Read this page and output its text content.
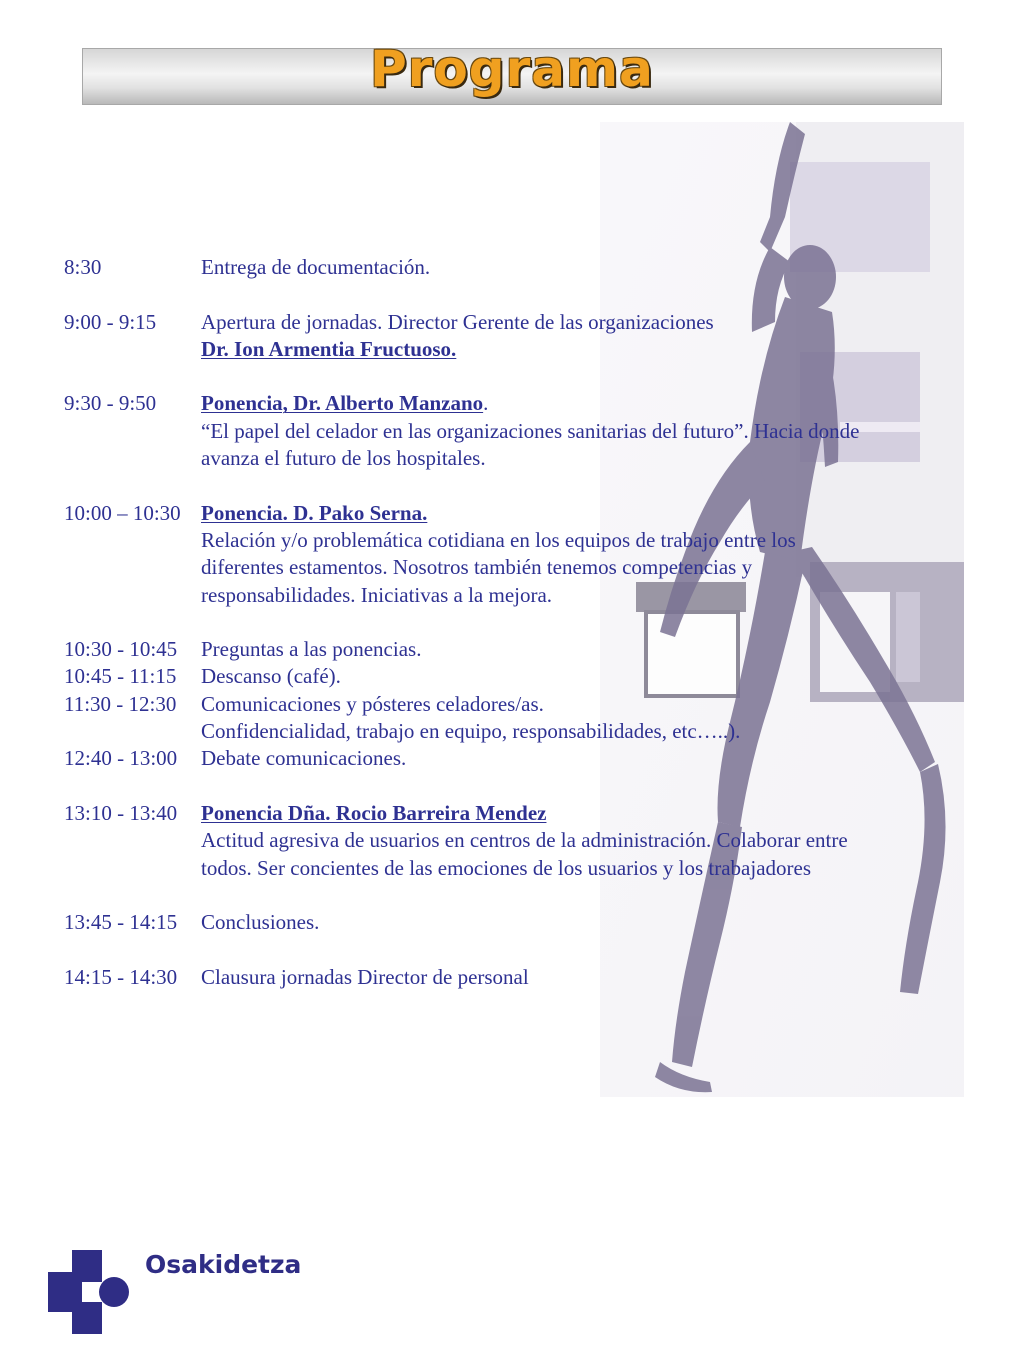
Programa
8:30	Entrega de documentación.
9:00 - 9:15 Apertura de jornadas. Director Gerente de las organizaciones
Dr. Ion Armentia Fructuoso.
9:30 - 9:50 Ponencia, Dr. Alberto Manzano.
“El papel del celador en las organizaciones sanitarias del futuro”. Hacia donde
avanza el futuro de los hospitales.
10:00 – 10:30 Ponencia. D. Pako Serna.
Relación y/o problemática cotidiana en los equipos de trabajo entre los
diferentes estamentos. Nosotros también tenemos competencias y
responsabilidades. Iniciativas a la mejora.
10:30 - 10:45 Preguntas a las ponencias.
10:45 - 11:15 Descanso (café).
11:30 - 12:30 Comunicaciones y pósteres celadores/as.
Confidencialidad, trabajo en equipo, responsabilidades, etc…..).
12:40 - 13:00 Debate comunicaciones.
13:10 - 13:40 Ponencia Dña. Rocio Barreira Mendez
Actitud agresiva de usuarios en centros de la administración. Colaborar entre
todos. Ser concientes de las emociones de los usuarios y los trabajadores
13:45 - 14:15 Conclusiones.
14:15 - 14:30 Clausura jornadas Director de personal
Osakidetza
